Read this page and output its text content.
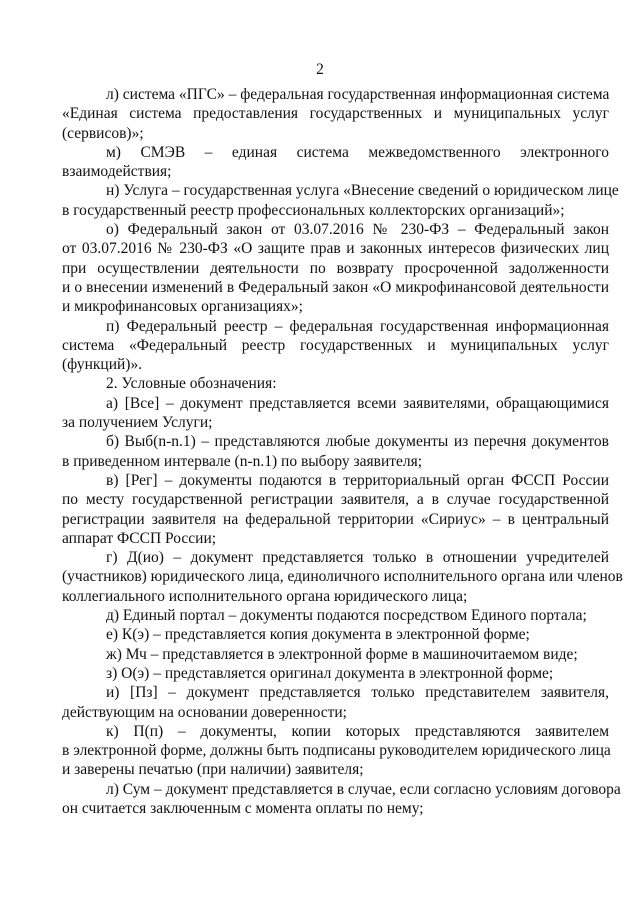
2
л) система «ПГС» – федеральная государственная информационная система
«Единая система предоставления государственных и муниципальных услуг
(сервисов)»;
м) СМЭВ – единая система межведомственного электронного
взаимодействия;
н) Услуга – государственная услуга «Внесение сведений о юридическом лице
в государственный реестр профессиональных коллекторских организаций»;
о) Федеральный закон от 03.07.2016 № 230-ФЗ – Федеральный закон
от 03.07.2016 № 230-ФЗ «О защите прав и законных интересов физических лиц
при осуществлении деятельности по возврату просроченной задолженности
и о внесении изменений в Федеральный закон «О микрофинансовой деятельности
и микрофинансовых организациях»;
п) Федеральный реестр – федеральная государственная информационная
система «Федеральный реестр государственных и муниципальных услуг
(функций)».
2. Условные обозначения:
а) [Все] – документ представляется всеми заявителями, обращающимися
за получением Услуги;
б) Выб(n-n.1) – представляются любые документы из перечня документов
в приведенном интервале (n-n.1) по выбору заявителя;
в) [Рег] – документы подаются в территориальный орган ФССП России
по месту государственной регистрации заявителя, а в случае государственной
регистрации заявителя на федеральной территории «Сириус» – в центральный
аппарат ФССП России;
г) Д(ио) – документ представляется только в отношении учредителей
(участников) юридического лица, единоличного исполнительного органа или членов
коллегиального исполнительного органа юридического лица;
д) Единый портал – документы подаются посредством Единого портала;
е) К(э) – представляется копия документа в электронной форме;
ж) Мч – представляется в электронной форме в машиночитаемом виде;
з) О(э) – представляется оригинал документа в электронной форме;
и) [Пз] – документ представляется только представителем заявителя,
действующим на основании доверенности;
к) П(п) – документы, копии которых представляются заявителем
в электронной форме, должны быть подписаны руководителем юридического лица
и заверены печатью (при наличии) заявителя;
л) Сум – документ представляется в случае, если согласно условиям договора
он считается заключенным с момента оплаты по нему;
